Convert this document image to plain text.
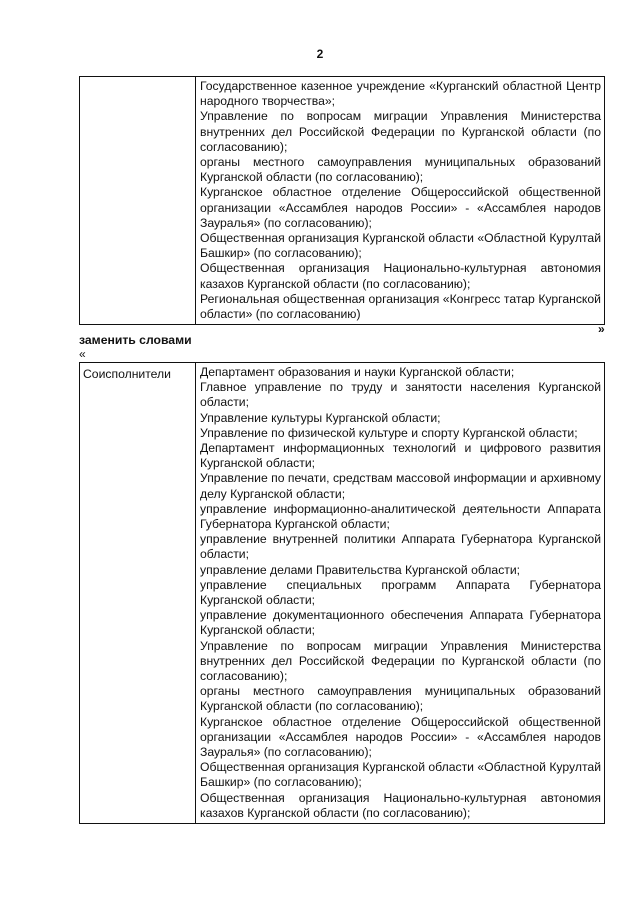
2

Государственное казенное учреждение «Курганский областной Центр народного творчества»;

Управление по вопросам миграции Управления Министерства внутренних дел Российской Федерации по Курганской области (по согласованию);

органы местного самоуправления муниципальных образований Курганской области (по согласованию);

Курганское областное отделение Общероссийской общественной организации «Ассамблея народов России» - «Ассамблея народов Зауралья» (по согласованию);

Общественная организация Курганской области «Областной Курултай Башкир» (по согласованию);

Общественная организация Национально-культурная автономия казахов Курганской области (по согласованию);

Региональная общественная организация «Конгресс татар Курганской области» (по согласованию)

»
заменить словами
«
Соисполнители	Департамент образования и науки Курганской области;

Главное управление по труду и занятости населения Курганской области;

Управление культуры Курганской области;

Управление по физической культуре и спорту Курганской области;

Департамент информационных технологий и цифрового развития Курганской области;

Управление по печати, средствам массовой информации и архивному делу Курганской области;

управление информационно-аналитической деятельности Аппарата Губернатора Курганской области;

управление внутренней политики Аппарата Губернатора Курганской области;

управление делами Правительства Курганской области;

управление специальных программ Аппарата Губернатора Курганской области;

управление документационного обеспечения Аппарата Губернатора Курганской области;

Управление по вопросам миграции Управления Министерства внутренних дел Российской Федерации по Курганской области (по согласованию);

органы местного самоуправления муниципальных образований Курганской области (по согласованию);

Курганское областное отделение Общероссийской общественной организации «Ассамблея народов России» - «Ассамблея народов Зауралья» (по согласованию);

Общественная организация Курганской области «Областной Курултай Башкир» (по согласованию);

Общественная организация Национально-культурная автономия казахов Курганской области (по согласованию);
